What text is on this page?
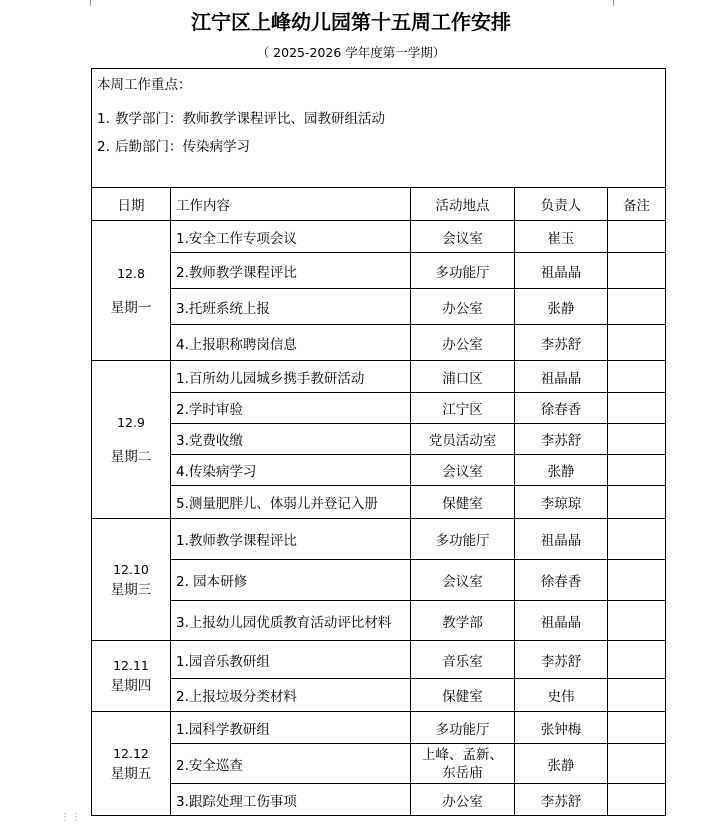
江宁区上峰幼儿园第十五周工作安排
（ 2025-2026 学年度第一学期）
本周工作重点：
1. 教学部门：教师教学课程评比、园教研组活动
2. 后勤部门：传染病学习				

日期	工作内容	活动地点	负责人	备注

12.8
星期一	1.安全工作专项会议	会议室	崔玉	
	2.教师教学课程评比	多功能厅	祖晶晶	
	3.托班系统上报	办公室	张静	
	4.上报职称聘岗信息	办公室	李苏舒	

12.9
星期二	1.百所幼儿园城乡携手教研活动	浦口区	祖晶晶	
	2.学时审验	江宁区	徐春香	
	3.党费收缴	党员活动室	李苏舒	
	4.传染病学习	会议室	张静	
	5.测量肥胖儿、体弱儿并登记入册	保健室	李琼琼	

12.10
星期三	1.教师教学课程评比	多功能厅	祖晶晶	
	2. 园本研修	会议室	徐春香	
	3.上报幼儿园优质教育活动评比材料	教学部	祖晶晶	

12.11
星期四	1.园音乐教研组	音乐室	李苏舒	
	2.上报垃圾分类材料	保健室	史伟	

12.12
星期五	1.园科学教研组	多功能厅	张钟梅	
	2.安全巡查	上峰、孟新、东岳庙	张静	
	3.跟踪处理工伤事项	办公室	李苏舒	
⋮⋮
